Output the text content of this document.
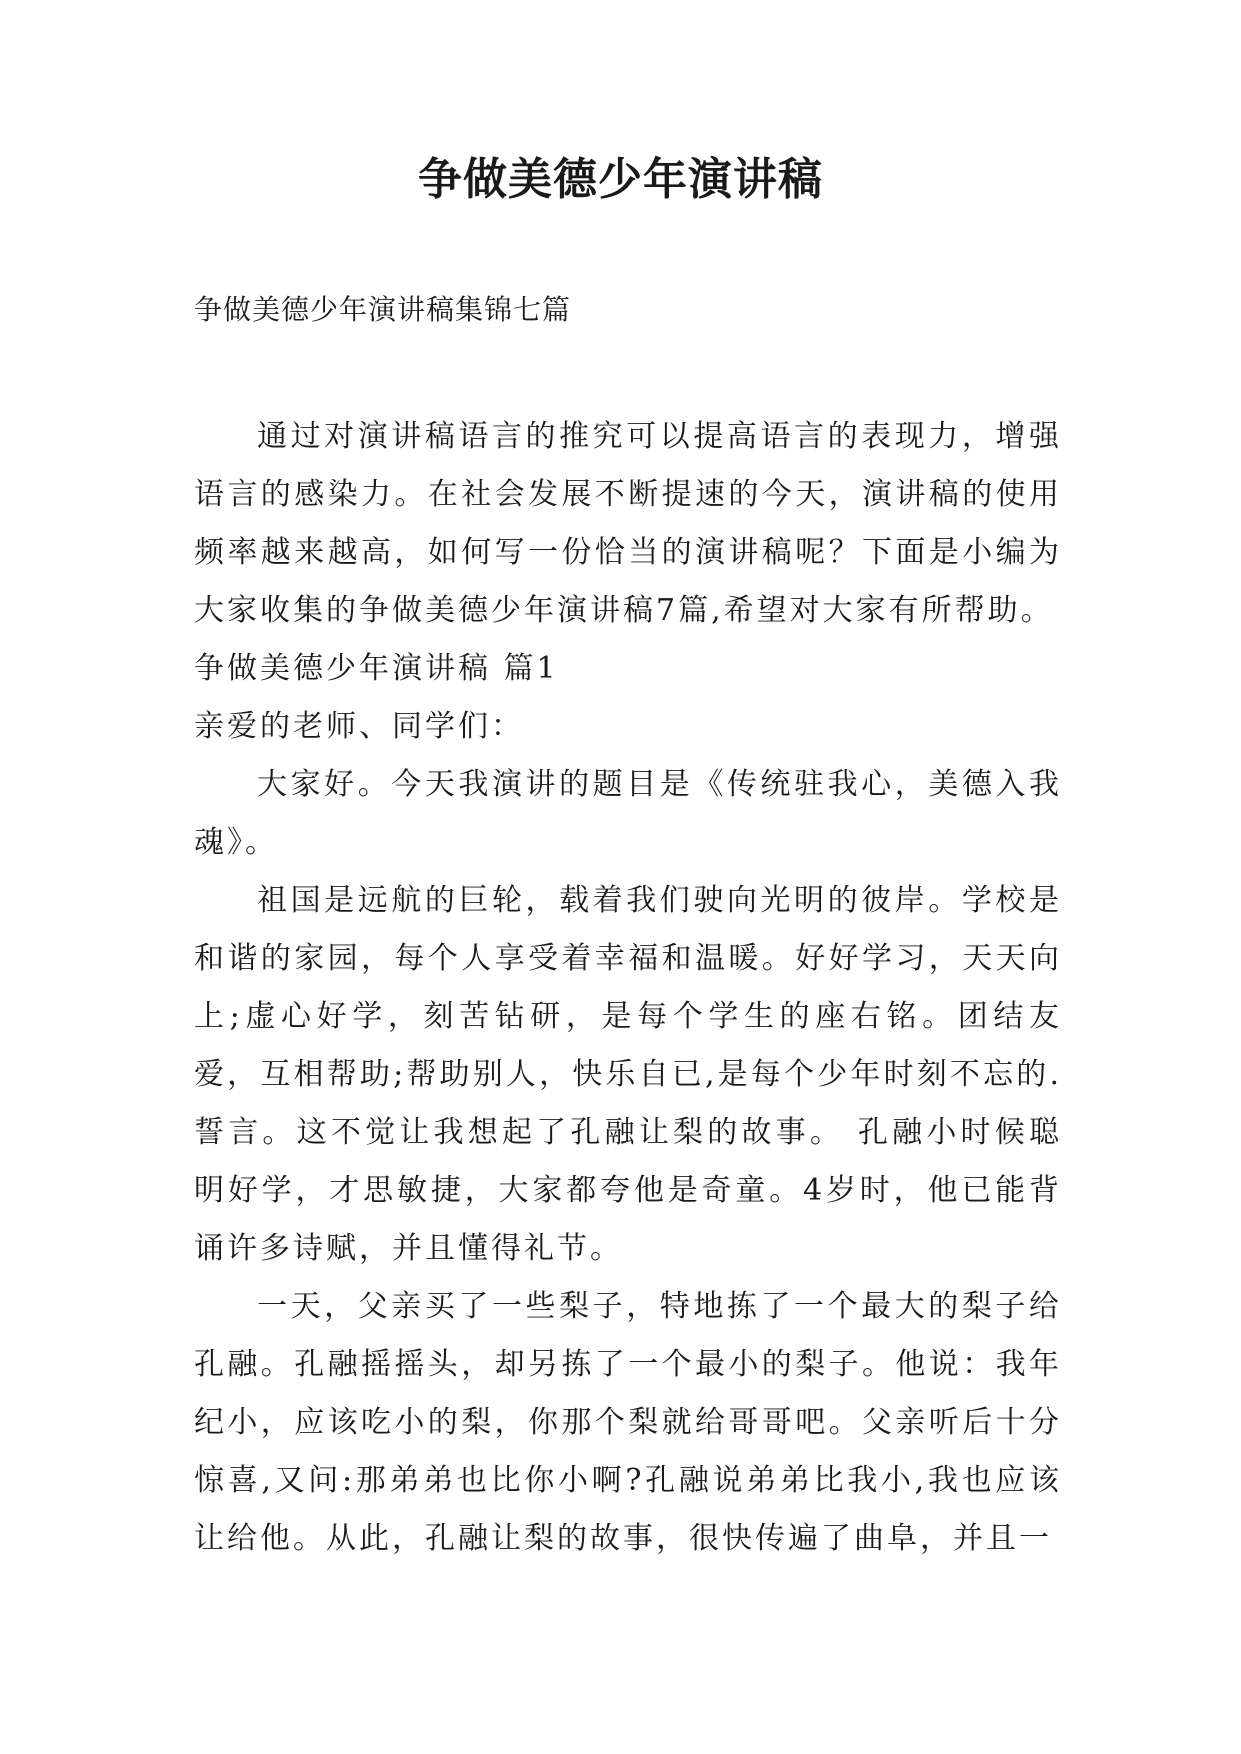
争做美德少年演讲稿
争做美德少年演讲稿集锦七篇

通过对演讲稿语言的推究可以提高语言的表现力，增强语言的感染力。在社会发展不断提速的今天，演讲稿的使用频率越来越高，如何写一份恰当的演讲稿呢？下面是小编为大家收集的争做美德少年演讲稿7篇,希望对大家有所帮助。

争做美德少年演讲稿 篇1

亲爱的老师、同学们：

大家好。今天我演讲的题目是《传统驻我心，美德入我魂》。

祖国是远航的巨轮，载着我们驶向光明的彼岸。学校是和谐的家园，每个人享受着幸福和温暖。好好学习，天天向上;虚心好学，刻苦钻研，是每个学生的座右铭。团结友爱，互相帮助;帮助别人，快乐自已,是每个少年时刻不忘的.誓言。这不觉让我想起了孔融让梨的故事。 孔融小时候聪明好学，才思敏捷，大家都夸他是奇童。4岁时，他已能背诵许多诗赋，并且懂得礼节。

一天，父亲买了一些梨子，特地拣了一个最大的梨子给孔融。孔融摇摇头，却另拣了一个最小的梨子。他说：我年纪小，应该吃小的梨，你那个梨就给哥哥吧。父亲听后十分惊喜,又问:那弟弟也比你小啊?孔融说弟弟比我小,我也应该让给他。从此，孔融让梨的故事，很快传遍了曲阜，并且一
